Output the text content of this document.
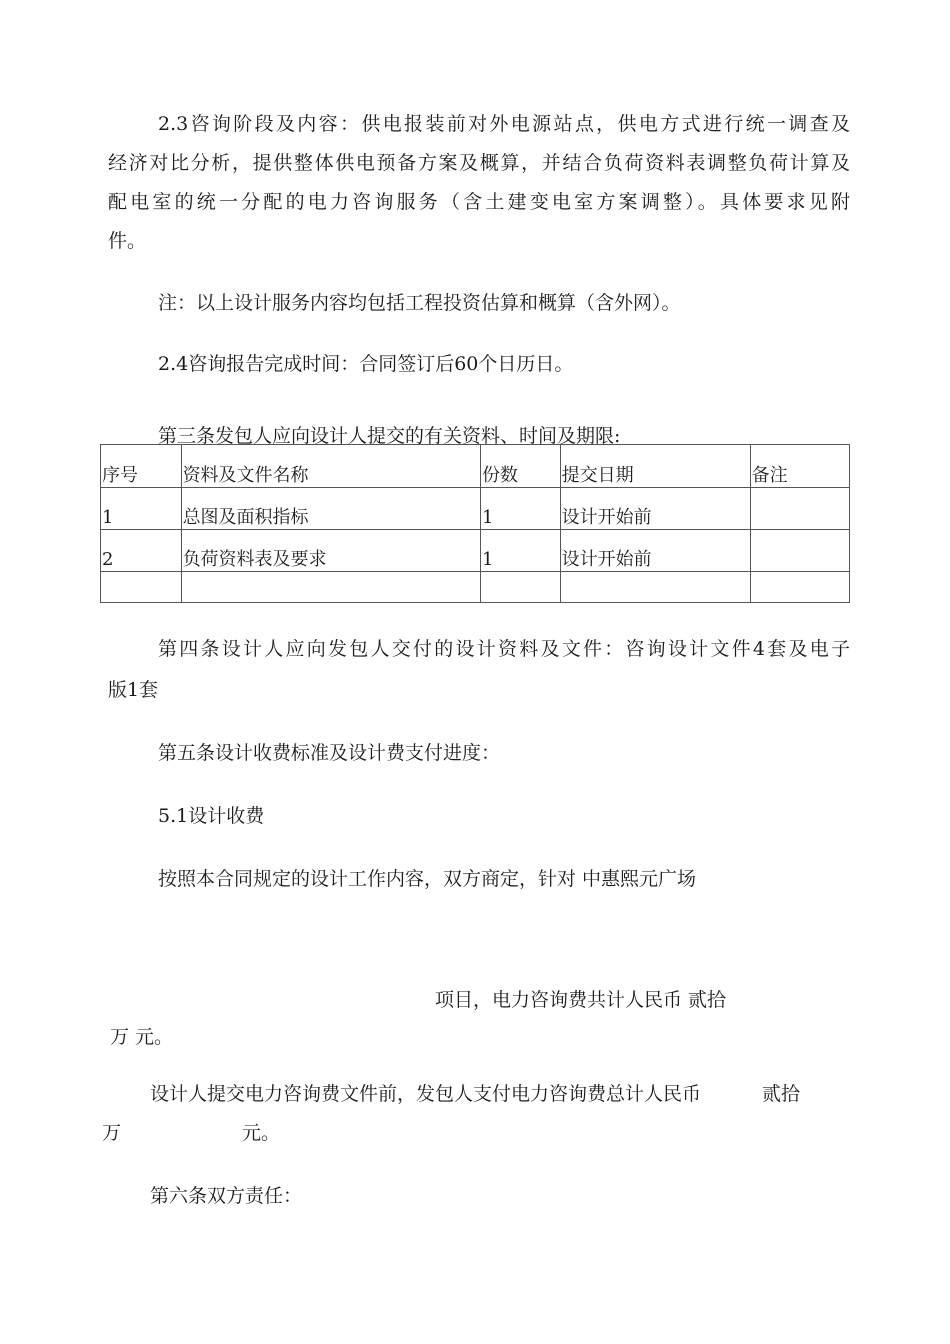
2.3咨询阶段及内容：供电报装前对外电源站点，供电方式进行统一调查及
经济对比分析，提供整体供电预备方案及概算，并结合负荷资料表调整负荷计算及
配电室的统一分配的电力咨询服务（含土建变电室方案调整）。具体要求见附
件。
注：以上设计服务内容均包括工程投资估算和概算（含外网）。
2.4咨询报告完成时间：合同签订后60个日历日。
第三条发包人应向设计人提交的有关资料、时间及期限:
序号	资料及文件名称	份数	提交日期	备注
1	总图及面积指标	1	设计开始前	
2	负荷资料表及要求	1	设计开始前	

第四条设计人应向发包人交付的设计资料及文件：咨询设计文件4套及电子
版1套
第五条设计收费标准及设计费支付进度：
5.1设计收费
按照本合同规定的设计工作内容，双方商定，针对 中惠熙元广场
项目，电力咨询费共计人民币 贰拾
万 元。
设计人提交电力咨询费文件前，发包人支付电力咨询费总计人民币	贰拾
万	元。
第六条双方责任：
